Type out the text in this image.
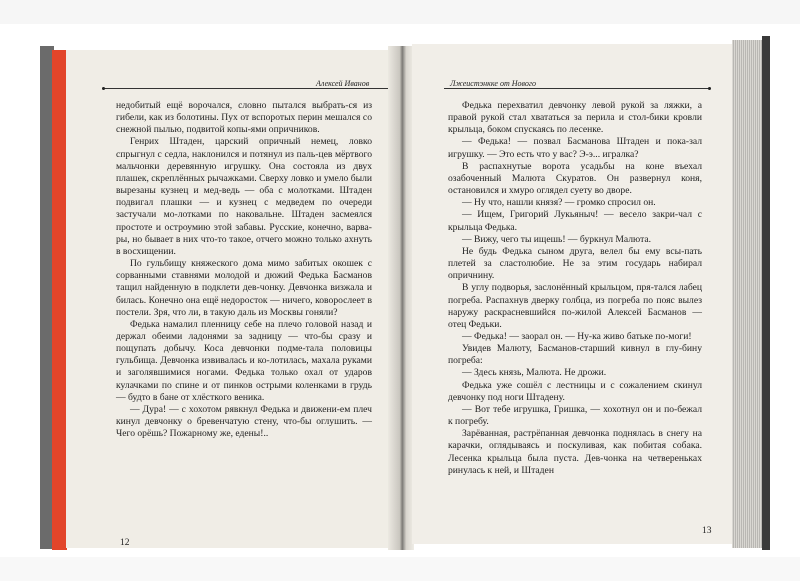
Алексей Иванов

недобитый ещё ворочался, словно пытался выбрать-ся из гибели, как из болотины. Пух от вспоротых перин мешался со снежной пылью, подвитой копы-ями опричников.

Генрих Штаден, царский опричный немец, ловко спрыгнул с седла, наклонился и потянул из паль-цев мёртвого мальчонки деревянную игрушку. Она состояла из двух плашек, скреплённых рычажками. Сверху ловко и умело были вырезаны кузнец и мед-ведь — оба с молотками. Штаден подвигал плашки — и кузнец с медведем по очереди застучали мо-лотками по наковальне. Штаден засмеялся простоте и остроумию этой забавы. Русские, конечно, варва-ры, но бывает в них что-то такое, отчего можно только ахнуть в восхищении.

По гульбищу княжеского дома мимо забитых окошек с сорванными ставнями молодой и дюжий Федька Басманов тащил найденную в подклети дев-чонку. Девчонка визжала и билась. Конечно она ещё недоросток — ничего, коворослеет в постели. Зря, что ли, в такую даль из Москвы гоняли?

Федька намалил пленницу себе на плечо головой назад и держал обеими ладонями за задницу — что-бы сразу и пощупать добычу. Коса девчонки подме-тала половицы гульбища. Девчонка извивалась и ко-лотилась, махала руками и заголявшимися ногами. Федька только охал от ударов кулачками по спине и от пинков острыми коленками в грудь — будто в бане от хлёсткого веника.

— Дура! — с хохотом рявкнул Федька и движени-ем плеч кинул девчонку о бревенчатую стену, что-бы оглушить. — Чего орёшь? Пожарному же, едены!..

12
Лжеистэнкке от Нового

Федька перехватил девчонку левой рукой за ляжки, а правой рукой стал хвататься за перила и стол-бики кровли крыльца, боком спускаясь по лесенке.

— Федька! — позвал Басманова Штаден и пока-зал игрушку. — Это есть что у вас? Э-э... игралка?

В распахнутые ворота усадьбы на коне въехал озабоченный Малюта Скуратов. Он развернул коня, остановился и хмуро оглядел суету во дворе.

— Ну что, нашли князя? — громко спросил он.

— Ищем, Григорий Лукьяныч! — весело закри-чал с крыльца Федька.

— Вижу, чего ты ищешь! — буркнул Малюта.

Не будь Федька сыном друга, велел бы ему всы-пать плетей за сластолюбие. Не за этим государь набирал опричнину.

В углу подворья, заслонённый крыльцом, пря-тался лабец погреба. Распахнув дверку голбца, из погреба по пояс вылез наружу раскрасневшийся по-жилой Алексей Басманов — отец Федьки.

— Федька! — заорал он. — Ну-ка живо батьке по-моги!

Увидев Малюту, Басманов-старший кивнул в глу-бину погреба:

— Здесь князь, Малюта. Не дрожи.

Федька уже сошёл с лестницы и с сожалением скинул девчонку под ноги Штадену.

— Вот тебе игрушка, Гришка, — хохотнул он и по-бежал к погребу.

Зарёванная, растрёпанная девчонка поднялась в снегу на карачки, оглядываясь и поскуливая, как побитая собака. Лесенка крыльца была пуста. Дев-чонка на четвереньках ринулась к ней, и Штаден

13
